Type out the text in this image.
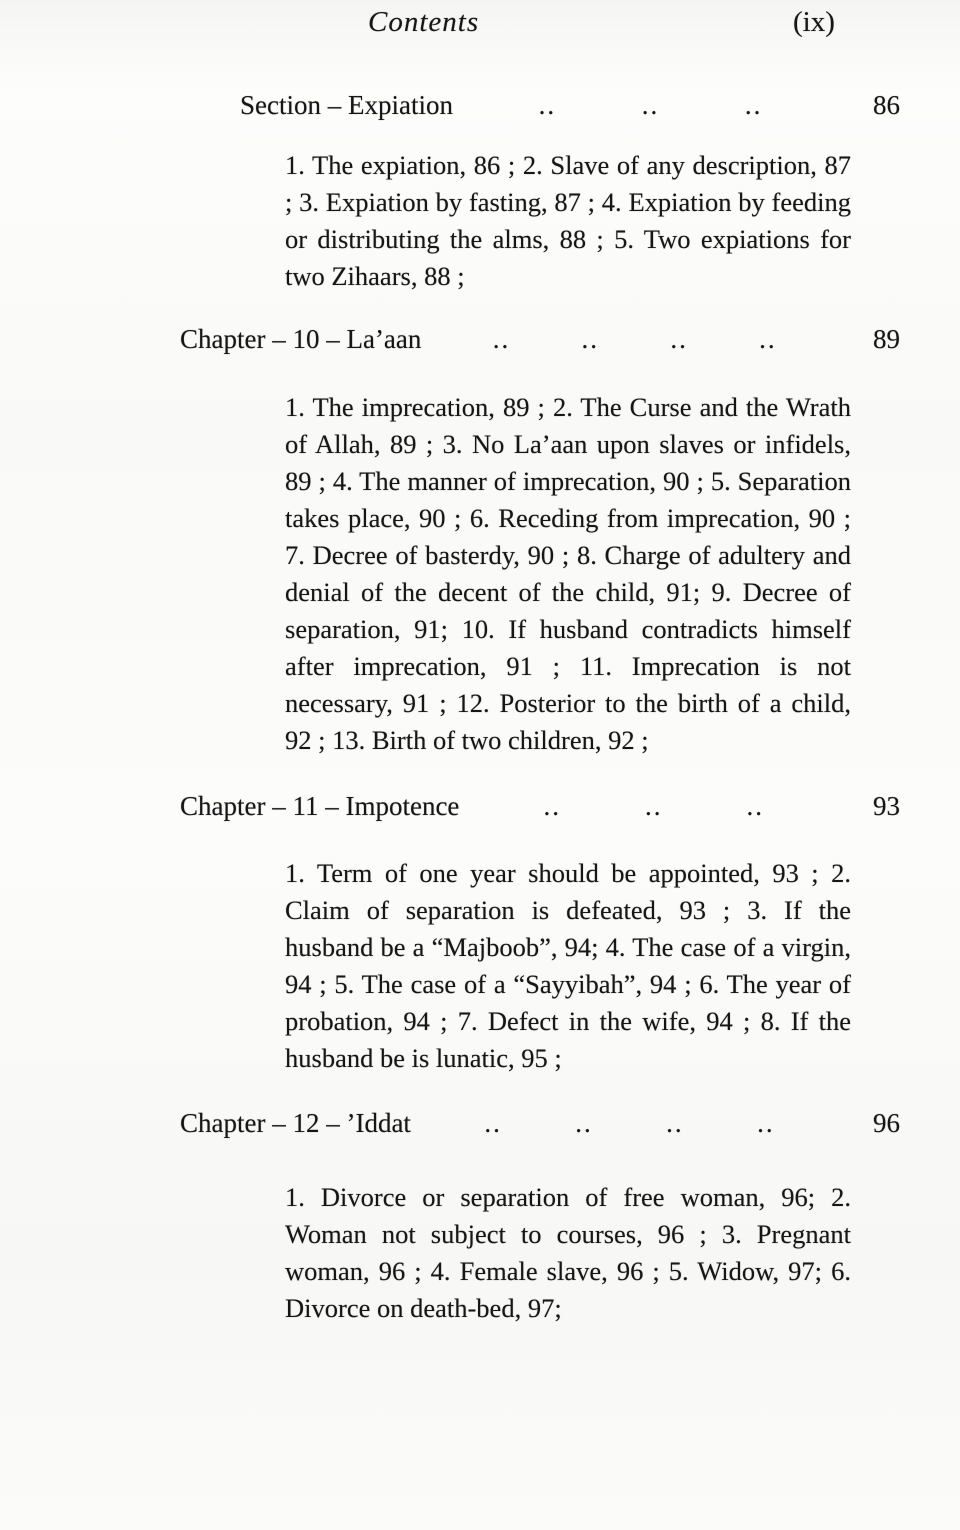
Contents	(ix)
Section – Expiation	..	..	..	86

1. The expiation, 86 ; 2. Slave of any description, 87 ; 3. Expiation by fasting, 87 ; 4. Expiation by feeding or distributing the alms, 88 ; 5. Two expiations for two Zihaars, 88 ;

Chapter – 10 – La’aan	..	..	..	..	89

1. The imprecation, 89 ; 2. The Curse and the Wrath of Allah, 89 ; 3. No La’aan upon slaves or infidels, 89 ; 4. The manner of imprecation, 90 ; 5. Separation takes place, 90 ; 6. Receding from imprecation, 90 ; 7. Decree of basterdy, 90 ; 8. Charge of adultery and denial of the decent of the child, 91; 9. Decree of separation, 91; 10. If husband contradicts himself after imprecation, 91 ; 11. Imprecation is not necessary, 91 ; 12. Posterior to the birth of a child, 92 ; 13. Birth of two children, 92 ;

Chapter – 11 – Impotence	..	..	..	93

1. Term of one year should be appointed, 93 ; 2. Claim of separation is defeated, 93 ; 3. If the husband be a “Majboob”, 94; 4. The case of a virgin, 94 ; 5. The case of a “Sayyibah”, 94 ; 6. The year of probation, 94 ; 7. Defect in the wife, 94 ; 8. If the husband be is lunatic, 95 ;

Chapter – 12 – ’Iddat	..	..	..	..	96

1. Divorce or separation of free woman, 96; 2. Woman not subject to courses, 96 ; 3. Pregnant woman, 96 ; 4. Female slave, 96 ; 5. Widow, 97; 6. Divorce on death-bed, 97;
